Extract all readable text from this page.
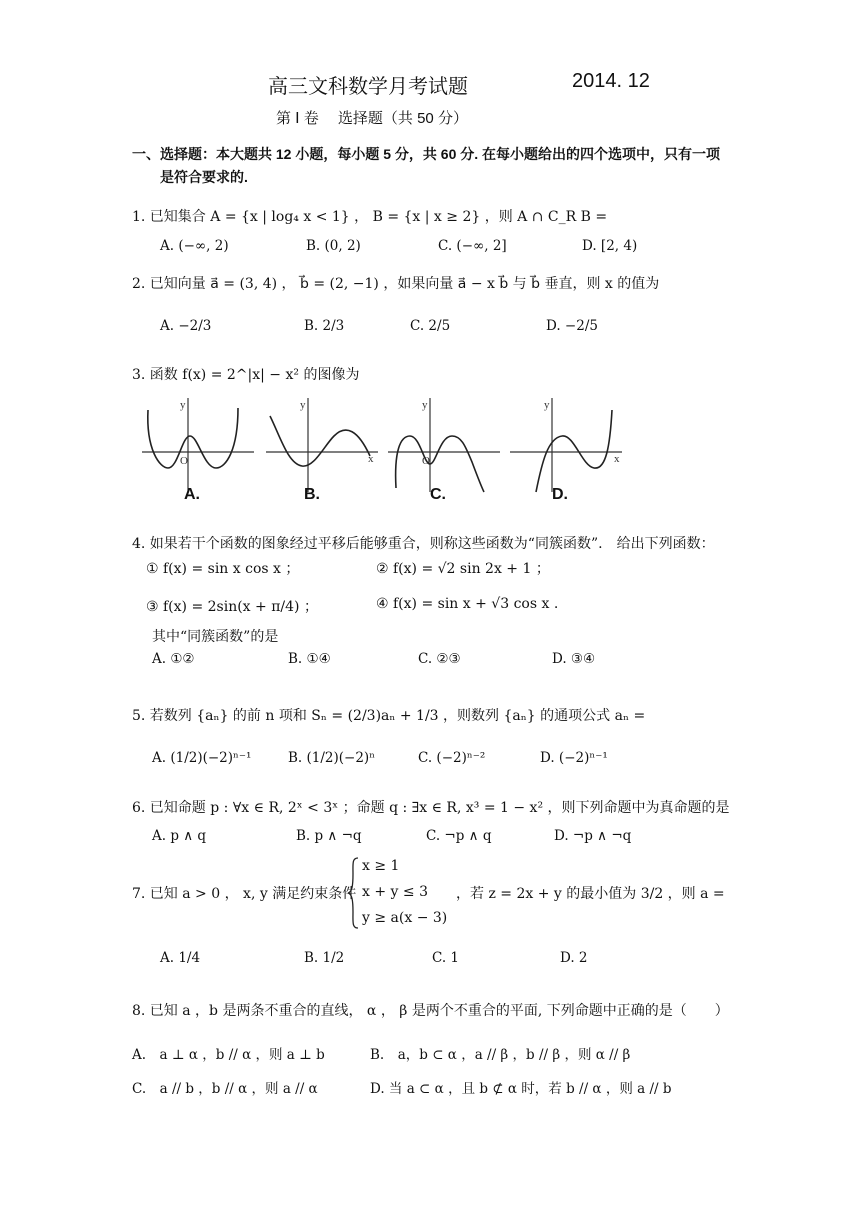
高三文科数学月考试题	2014. 12
第 Ⅰ 卷　 选择题（共 50 分）
一、选择题：本大题共 12 小题，每小题 5 分，共 60 分. 在每小题给出的四个选项中，只有一项
是符合要求的.
1. 已知集合 A = {x | log₄ x < 1} ， B = {x | x ≥ 2} ，则 A ∩ C_R B =
A. (−∞, 2)	B. (0, 2)	C. (−∞, 2]	D. [2, 4)
2. 已知向量 a⃗ = (3, 4) ， b⃗ = (2, −1) ，如果向量 a⃗ − x b⃗ 与 b⃗ 垂直，则 x 的值为
A. −2/3	B. 2/3	C. 2/5	D. −2/5
3. 函数 f(x) = 2^|x| − x² 的图像为
y
O
y
x
y
O
y
x
A.	B.	C.	D.
4. 如果若干个函数的图象经过平移后能够重合，则称这些函数为“同簇函数”.　给出下列函数：
① f(x) = sin x cos x ；	② f(x) = √2 sin 2x + 1 ；
③ f(x) = 2sin(x + π/4) ；	④ f(x) = sin x + √3 cos x .
其中“同簇函数”的是
A. ①②	B. ①④	C. ②③	D. ③④
5. 若数列 {aₙ} 的前 n 项和 Sₙ = (2/3)aₙ + 1/3 ，则数列 {aₙ} 的通项公式 aₙ =
A. (1/2)(−2)ⁿ⁻¹	B. (1/2)(−2)ⁿ	C. (−2)ⁿ⁻²	D. (−2)ⁿ⁻¹
6. 已知命题 p : ∀x ∈ R, 2ˣ < 3ˣ ；命题 q : ∃x ∈ R, x³ = 1 − x² ，则下列命题中为真命题的是
A. p ∧ q	B. p ∧ ¬q	C. ¬p ∧ q	D. ¬p ∧ ¬q
7. 已知 a > 0 ， x, y 满足约束条件
x ≥ 1
x + y ≤ 3
y ≥ a(x − 3)
，若 z = 2x + y 的最小值为 3/2 ，则 a =
A. 1/4	B. 1/2	C. 1	D. 2
8. 已知 a ，b 是两条不重合的直线， α ， β 是两个不重合的平面, 下列命题中正确的是（　　）
A.　a ⊥ α ，b // α ，则 a ⊥ b	B.　a，b ⊂ α ，a // β ，b // β ，则 α // β
C.　a // b ，b // α ，则 a // α	D. 当 a ⊂ α ，且 b ⊄ α 时，若 b // α ，则 a // b
